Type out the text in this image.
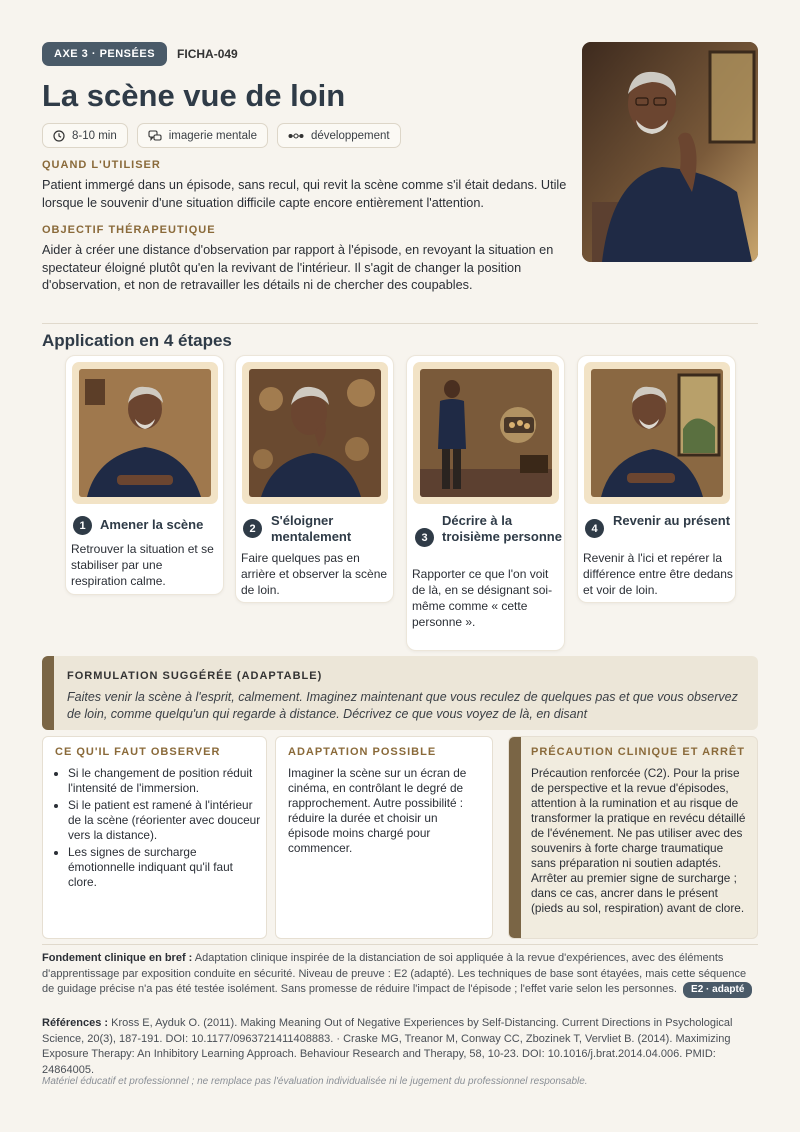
AXE 3 · PENSÉES	FICHA-049
La scène vue de loin
8-10 min	imagerie mentale	développement
QUAND L'UTILISER
Patient immergé dans un épisode, sans recul, qui revit la scène comme s'il était dedans. Utile lorsque le souvenir d'une situation difficile capte encore entièrement l'attention.
OBJECTIF THÉRAPEUTIQUE
Aider à créer une distance d'observation par rapport à l'épisode, en revoyant la situation en spectateur éloigné plutôt qu'en la revivant de l'intérieur. Il s'agit de changer la position d'observation, et non de retravailler les détails ni de chercher des coupables.
Application en 4 étapes
1	Amener la scène
Retrouver la situation et se stabiliser par une respiration calme.
2
S'éloigner mentalement
Faire quelques pas en arrière et observer la scène de loin.
3
Décrire à la troisième personne
Rapporter ce que l'on voit de là, en se désignant soi-même comme « cette personne ».
4
Revenir au présent
Revenir à l'ici et repérer la différence entre être dedans et voir de loin.
FORMULATION SUGGÉRÉE (ADAPTABLE)
Faites venir la scène à l'esprit, calmement. Imaginez maintenant que vous reculez de quelques pas et que vous observez de loin, comme quelqu'un qui regarde à distance. Décrivez ce que vous voyez de là, en disant
CE QU'IL FAUT OBSERVER
• Si le changement de position réduit l'intensité de l'immersion.
• Si le patient est ramené à l'intérieur de la scène (réorienter avec douceur vers la distance).
• Les signes de surcharge émotionnelle indiquant qu'il faut clore.
ADAPTATION POSSIBLE
Imaginer la scène sur un écran de cinéma, en contrôlant le degré de rapprochement. Autre possibilité : réduire la durée et choisir un épisode moins chargé pour commencer.
PRÉCAUTION CLINIQUE ET ARRÊT
Précaution renforcée (C2). Pour la prise de perspective et la revue d'épisodes, attention à la rumination et au risque de transformer la pratique en revécu détaillé de l'événement. Ne pas utiliser avec des souvenirs à forte charge traumatique sans préparation ni soutien adaptés. Arrêter au premier signe de surcharge ; dans ce cas, ancrer dans le présent (pieds au sol, respiration) avant de clore.
Fondement clinique en bref : Adaptation clinique inspirée de la distanciation de soi appliquée à la revue d'expériences, avec des éléments d'apprentissage par exposition conduite en sécurité. Niveau de preuve : E2 (adapté). Les techniques de base sont étayées, mais cette séquence de guidage précise n'a pas été testée isolément. Sans promesse de réduire l'impact de l'épisode ; l'effet varie selon les personnes. E2 · adapté
Références : Kross E, Ayduk O. (2011). Making Meaning Out of Negative Experiences by Self-Distancing. Current Directions in Psychological Science, 20(3), 187-191. DOI: 10.1177/0963721411408883. · Craske MG, Treanor M, Conway CC, Zbozinek T, Vervliet B. (2014). Maximizing Exposure Therapy: An Inhibitory Learning Approach. Behaviour Research and Therapy, 58, 10-23. DOI: 10.1016/j.brat.2014.04.006. PMID: 24864005.
Matériel éducatif et professionnel ; ne remplace pas l'évaluation individualisée ni le jugement du professionnel responsable.
